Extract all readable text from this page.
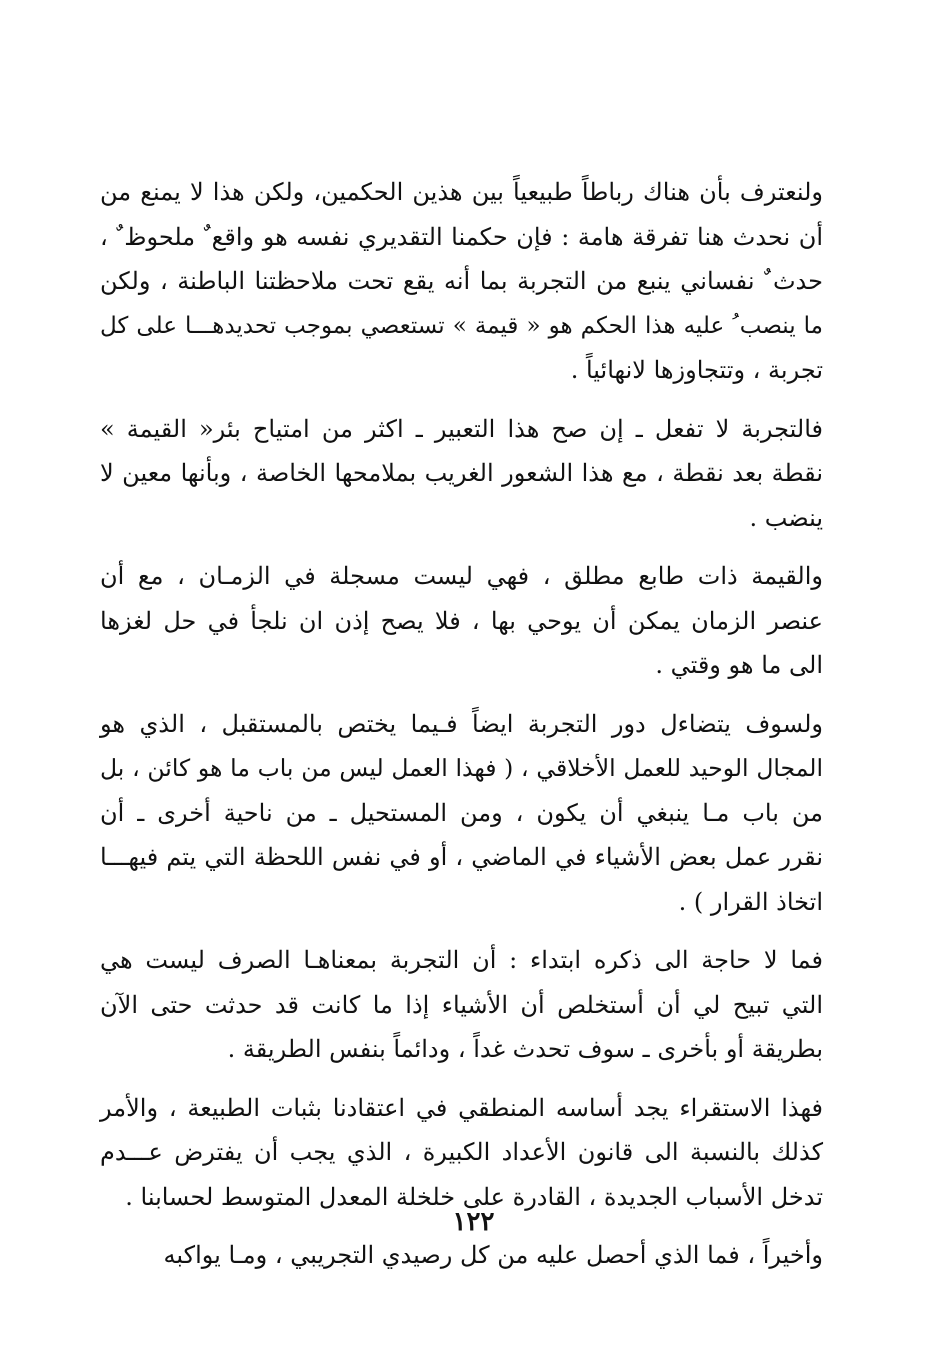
ولنعترف بأن هناك رباطاً طبيعياً بين هذين الحكمين، ولكن هذا لا يمنع من
أن نحدث هنا تفرقة هامة : فإن حكمنا التقديري نفسه هو واقع ٌ ملحوظ ٌ ،
حدث ٌ نفساني ينبع من التجربة بما أنه يقع تحت ملاحظتنا الباطنة ، ولكن
ما ينصب ُ عليه هذا الحكم هو « قيمة » تستعصي بموجب تحديدهـــا على كل
تجربة ، وتتجاوزها لانهائياً .
فالتجربة لا تفعل ـ إن صح هذا التعبير ـ اكثر من امتياح بئر« القيمة »
نقطة بعد نقطة ، مع هذا الشعور الغريب بملامحها الخاصة ، وبأنها معين لا
ينضب .
والقيمة ذات طابع مطلق ، فهي ليست مسجلة في الزمـان ، مع أن
عنصر الزمان يمكن أن يوحي بها ، فلا يصح إذن ان نلجأ في حل لغزها
الى ما هو وقتي .
ولسوف يتضاءل دور التجربة ايضاً فـيما يختص بالمستقبل ، الذي هو
المجال الوحيد للعمل الأخلاقي ، ( فهذا العمل ليس من باب ما هو كائن ، بل
من باب مـا ينبغي أن يكون ، ومن المستحيل ـ من ناحية أخرى ـ أن
نقرر عمل بعض الأشياء في الماضي ، أو في نفس اللحظة التي يتم فيهـــا
اتخاذ القرار ) .
فما لا حاجة الى ذكره ابتداء : أن التجربة بمعناهـا الصرف ليست هي
التي تبيح لي أن أستخلص أن الأشياء إذا ما كانت قد حدثت حتى الآن
بطريقة أو بأخرى ـ سوف تحدث غداً ، ودائماً بنفس الطريقة .
فهذا الاستقراء يجد أساسه المنطقي في اعتقادنا بثبات الطبيعة ، والأمر
كذلك بالنسبة الى قانون الأعداد الكبيرة ، الذي يجب أن يفترض عـــدم
تدخل الأسباب الجديدة ، القادرة على خلخلة المعدل المتوسط لحسابنا .
وأخيراً ، فما الذي أحصل عليه من كل رصيدي التجريبي ، ومـا يواكبه
١٢٢
